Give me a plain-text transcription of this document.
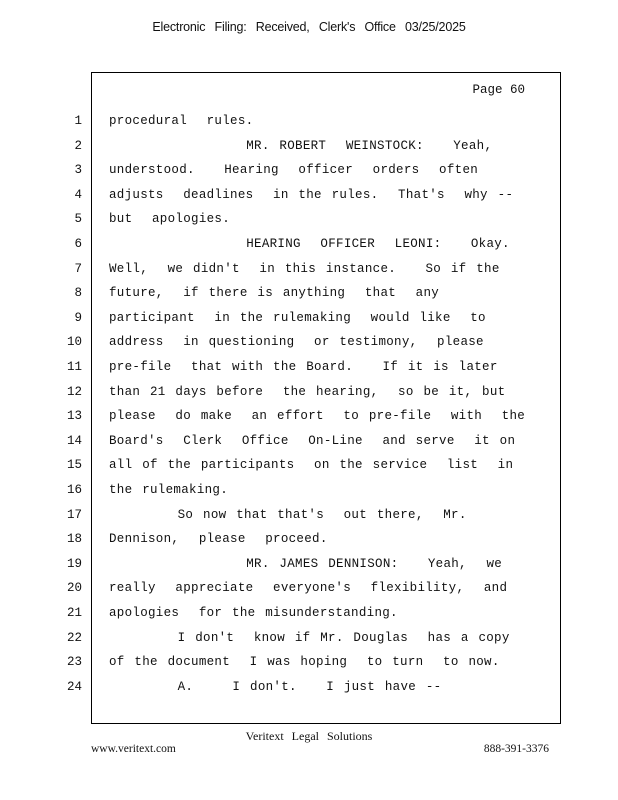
Electronic Filing: Received, Clerk's Office 03/25/2025
Page 60
1 procedural  rules.
2 MR. ROBERT  WEINSTOCK:   Yeah,
3 understood.   Hearing  officer  orders  often
4 adjusts  deadlines  in the rules.  That's  why --
5 but  apologies.
6 HEARING  OFFICER  LEONI:   Okay.
7 Well,  we didn't  in this instance.   So if the
8 future,  if there is anything  that  any
9 participant  in the rulemaking  would like  to
10 address  in questioning  or testimony,  please
11 pre-file  that with the Board.   If it is later
12 than 21 days before  the hearing,  so be it, but
13 please  do make  an effort  to pre-file  with  the
14 Board's  Clerk  Office  On-Line  and serve  it on
15 all of the participants  on the service  list  in
16 the rulemaking.
17 So now that that's  out there,  Mr.
18 Dennison,  please  proceed.
19 MR. JAMES DENNISON:   Yeah,  we
20 really  appreciate  everyone's  flexibility,  and
21 apologies  for the misunderstanding.
22 I don't  know if Mr. Douglas  has a copy
23 of the document  I was hoping  to turn  to now.
24 A.    I don't.   I just have --
Veritext Legal Solutions
www.veritext.com	888-391-3376
